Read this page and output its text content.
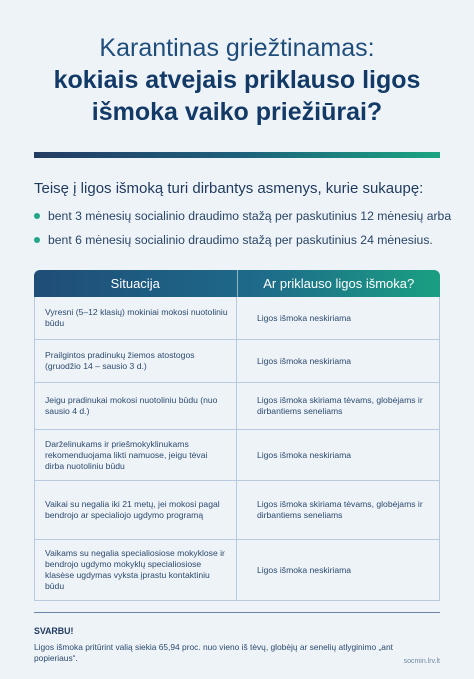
Karantinas griežtinamas:
kokiais atvejais priklauso ligos
išmoka vaiko priežiūrai?
Teisę į ligos išmoką turi dirbantys asmenys, kurie sukaupę:
bent 3 mėnesių socialinio draudimo stažą per paskutinius 12 mėnesių arba
bent 6 mėnesių socialinio draudimo stažą per paskutinius 24 mėnesius.
Situacija	Ar priklauso ligos išmoka?
Vyresni (5–12 klasių) mokiniai mokosi nuotoliniu būdu
Ligos išmoka neskiriama
Prailgintos pradinukų žiemos atostogos (gruodžio 14 – sausio 3 d.)
Ligos išmoka neskiriama
Jeigu pradinukai mokosi nuotoliniu būdu (nuo sausio 4 d.)
Ligos išmoka skiriama tėvams, globėjams ir dirbantiems seneliams
Darželinukams ir priešmokyklinukams rekomenduojama likti namuose, jeigu tėvai dirba nuotoliniu būdu
Ligos išmoka neskiriama
Vaikai su negalia iki 21 metų, jei mokosi pagal bendrojo ar specialiojo ugdymo programą
Ligos išmoka skiriama tėvams, globėjams ir dirbantiems seneliams
Vaikams su negalia specialiosiose mokyklose ir bendrojo ugdymo mokyklų specialiosiose klasėse ugdymas vyksta įprastu kontaktiniu būdu
Ligos išmoka neskiriama
SVARBU!
Ligos išmoka pritūrint valią siekia 65,94 proc. nuo vieno iš tėvų, globėjų ar senelių atlyginimo „ant popieriaus“.	socmin.lrv.lt
